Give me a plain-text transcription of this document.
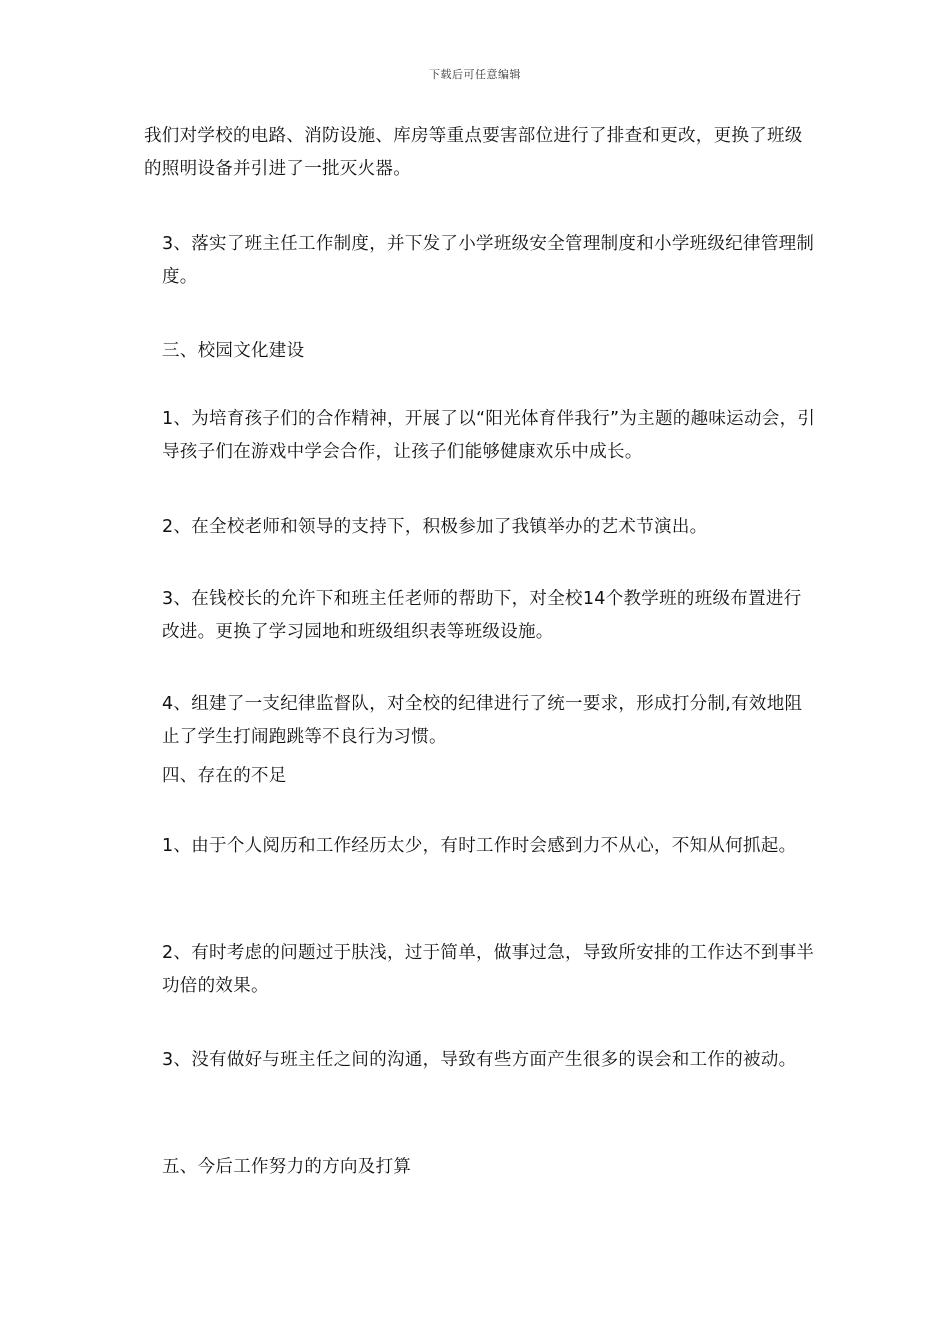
下载后可任意编辑

我们对学校的电路、消防设施、库房等重点要害部位进行了排查和更改，更换了班级的照明设备并引进了一批灭火器。

3、落实了班主任工作制度，并下发了小学班级安全管理制度和小学班级纪律管理制度。

三、校园文化建设

1、为培育孩子们的合作精神，开展了以“阳光体育伴我行”为主题的趣味运动会，引导孩子们在游戏中学会合作，让孩子们能够健康欢乐中成长。

2、在全校老师和领导的支持下，积极参加了我镇举办的艺术节演出。

3、在钱校长的允许下和班主任老师的帮助下，对全校14个教学班的班级布置进行改进。更换了学习园地和班级组织表等班级设施。

4、组建了一支纪律监督队，对全校的纪律进行了统一要求，形成打分制,有效地阻止了学生打闹跑跳等不良行为习惯。

四、存在的不足

1、由于个人阅历和工作经历太少，有时工作时会感到力不从心，不知从何抓起。

2、有时考虑的问题过于肤浅，过于简单，做事过急，导致所安排的工作达不到事半功倍的效果。

3、没有做好与班主任之间的沟通，导致有些方面产生很多的误会和工作的被动。

五、今后工作努力的方向及打算
